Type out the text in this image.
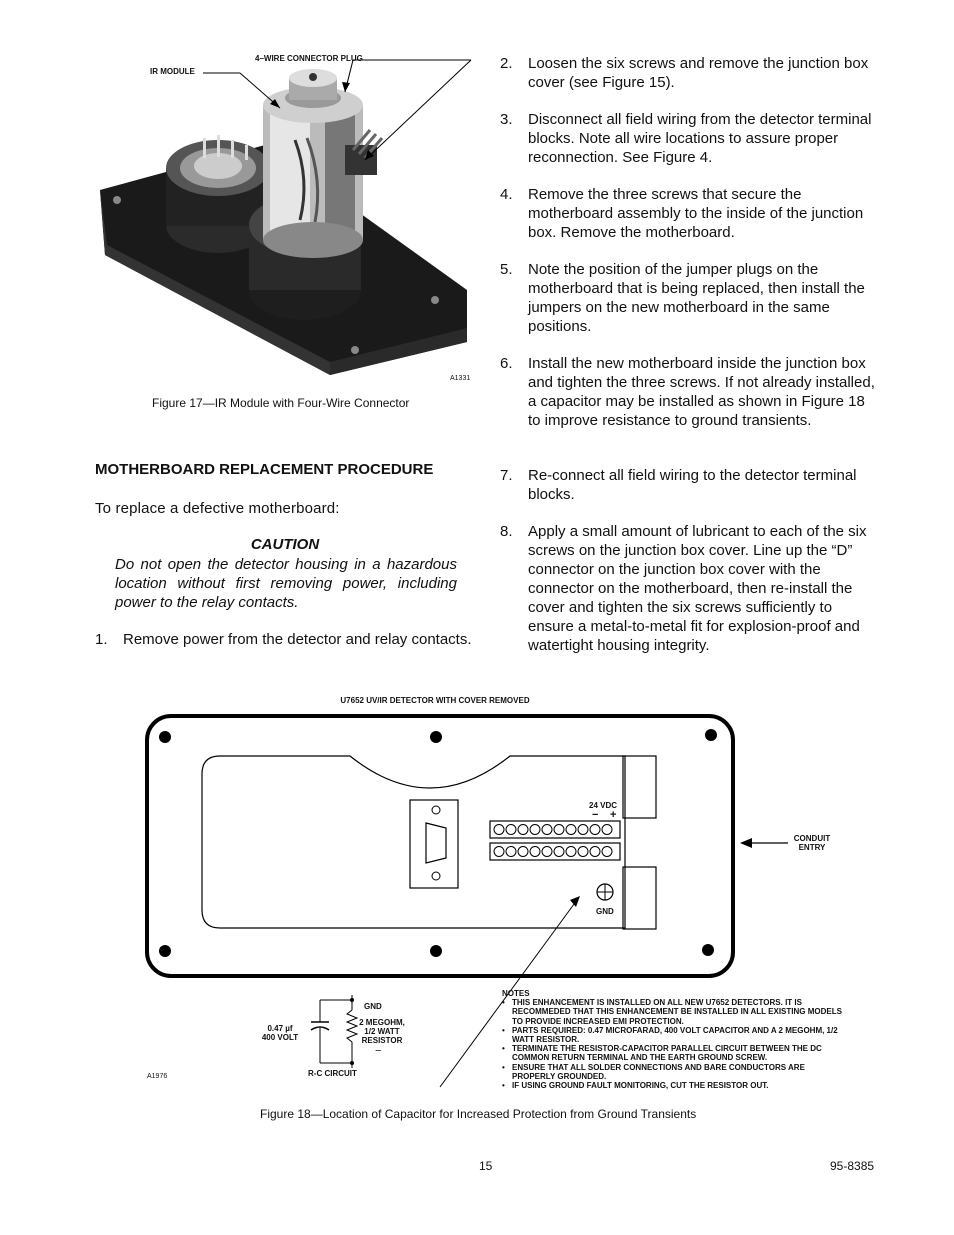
IR MODULE
4–WIRE CONNECTOR PLUG
A1331
Figure 17—IR Module with Four-Wire Connector
MOTHERBOARD REPLACEMENT PROCEDURE
To replace a defective motherboard:
CAUTION
Do not open the detector housing in a hazardous location without first removing power, including power to the relay contacts.
1. Remove power from the detector and relay contacts.
2. Loosen the six screws and remove the junction box cover (see Figure 15).
3. Disconnect all field wiring from the detector terminal blocks. Note all wire locations to assure proper reconnection. See Figure 4.
4. Remove the three screws that secure the motherboard assembly to the inside of the junction box. Remove the motherboard.
5. Note the position of the jumper plugs on the motherboard that is being replaced, then install the jumpers on the new motherboard in the same positions.
6. Install the new motherboard inside the junction box and tighten the three screws. If not already installed, a capacitor may be installed as shown in Figure 18 to improve resistance to ground transients.
7. Re-connect all field wiring to the detector terminal blocks.
8. Apply a small amount of lubricant to each of the six screws on the junction box cover. Line up the “D” connector on the junction box cover with the connector on the motherboard, then re-install the cover and tighten the six screws sufficiently to ensure a metal-to-metal fit for explosion-proof and watertight housing integrity.
U7652 UV/IR DETECTOR WITH COVER REMOVED
24 VDC
− +
GND
CONDUIT
ENTRY
GND
0.47 µf
400 VOLT
2 MEGOHM,
1/2 WATT
RESISTOR
−
R-C CIRCUIT
A1976
NOTES
• THIS ENHANCEMENT IS INSTALLED ON ALL NEW U7652 DETECTORS. IT IS RECOMMEDED THAT THIS ENHANCEMENT BE INSTALLED IN ALL EXISTING MODELS TO PROVIDE INCREASED EMI PROTECTION.
• PARTS REQUIRED: 0.47 MICROFARAD, 400 VOLT CAPACITOR AND A 2 MEGOHM, 1/2 WATT RESISTOR.
• TERMINATE THE RESISTOR-CAPACITOR PARALLEL CIRCUIT BETWEEN THE DC COMMON RETURN TERMINAL AND THE EARTH GROUND SCREW.
• ENSURE THAT ALL SOLDER CONNECTIONS AND BARE CONDUCTORS ARE PROPERLY GROUNDED.
• IF USING GROUND FAULT MONITORING, CUT THE RESISTOR OUT.
Figure 18—Location of Capacitor for Increased Protection from Ground Transients
15	95-8385
